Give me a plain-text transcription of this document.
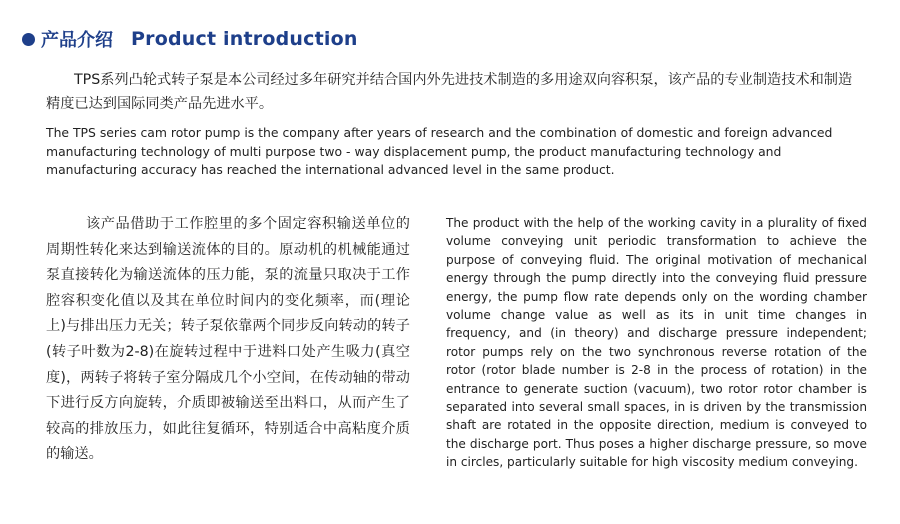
产品介绍 Product introduction

TPS系列凸轮式转子泵是本公司经过多年研究并结合国内外先进技术制造的多用途双向容积泵，该产品的专业制造技术和制造精度已达到国际同类产品先进水平。

The TPS series cam rotor pump is the company after years of research and the combination of domestic and foreign advanced manufacturing technology of multi purpose two - way displacement pump, the product manufacturing technology and manufacturing accuracy has reached the international advanced level in the same product.

该产品借助于工作腔里的多个固定容积输送单位的周期性转化来达到输送流体的目的。原动机的机械能通过泵直接转化为输送流体的压力能，泵的流量只取决于工作腔容积变化值以及其在单位时间内的变化频率，而(理论上)与排出压力无关；转子泵依靠两个同步反向转动的转子(转子叶数为2-8)在旋转过程中于进料口处产生吸力(真空度)，两转子将转子室分隔成几个小空间，在传动轴的带动下进行反方向旋转，介质即被输送至出料口，从而产生了较高的排放压力，如此往复循环，特别适合中高粘度介质的输送。

The product with the help of the working cavity in a plurality of fixed volume conveying unit periodic transformation to achieve the purpose of conveying fluid. The original motivation of mechanical energy through the pump directly into the conveying fluid pressure energy, the pump flow rate depends only on the wording chamber volume change value as well as its in unit time changes in frequency, and (in theory) and discharge pressure independent; rotor pumps rely on the two synchronous reverse rotation of the rotor (rotor blade number is 2-8 in the process of rotation) in the entrance to generate suction (vacuum), two rotor rotor chamber is separated into several small spaces, in is driven by the transmission shaft are rotated in the opposite direction, medium is conveyed to the discharge port. Thus poses a higher discharge pressure, so move in circles, particularly suitable for high viscosity medium conveying.
